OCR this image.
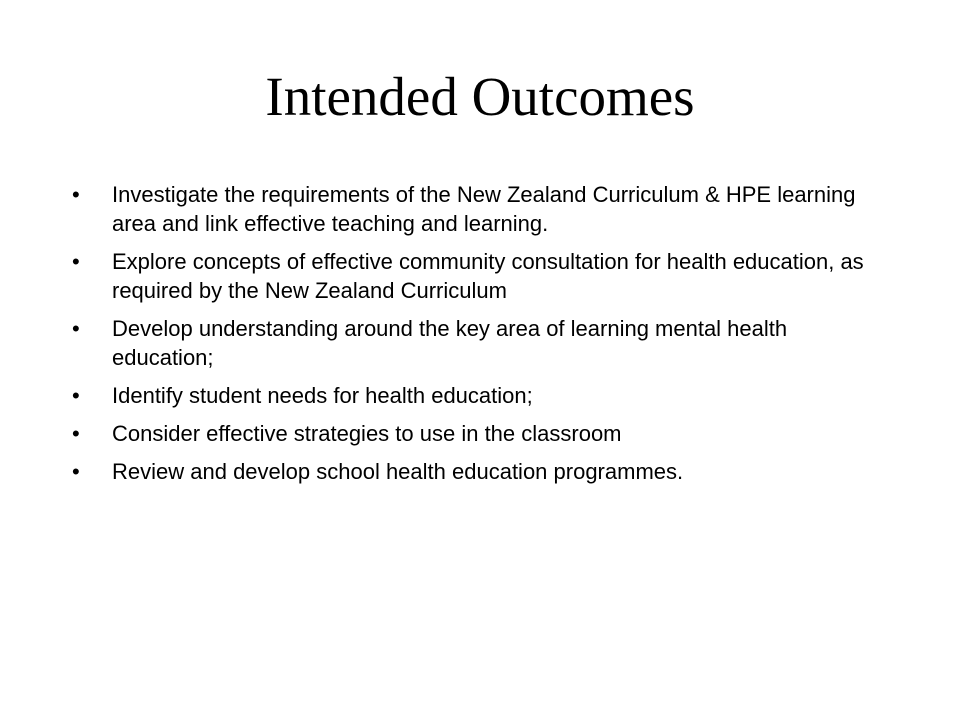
Intended Outcomes
•	Investigate the requirements of the New Zealand Curriculum & HPE learning area and link effective teaching and learning.
•	Explore concepts of effective community consultation for health education, as required by the New Zealand Curriculum
•	Develop understanding around the key area of learning mental health education;
•	Identify student needs for health education;
•	Consider effective strategies to use in the classroom
•	Review and develop school health education programmes.
